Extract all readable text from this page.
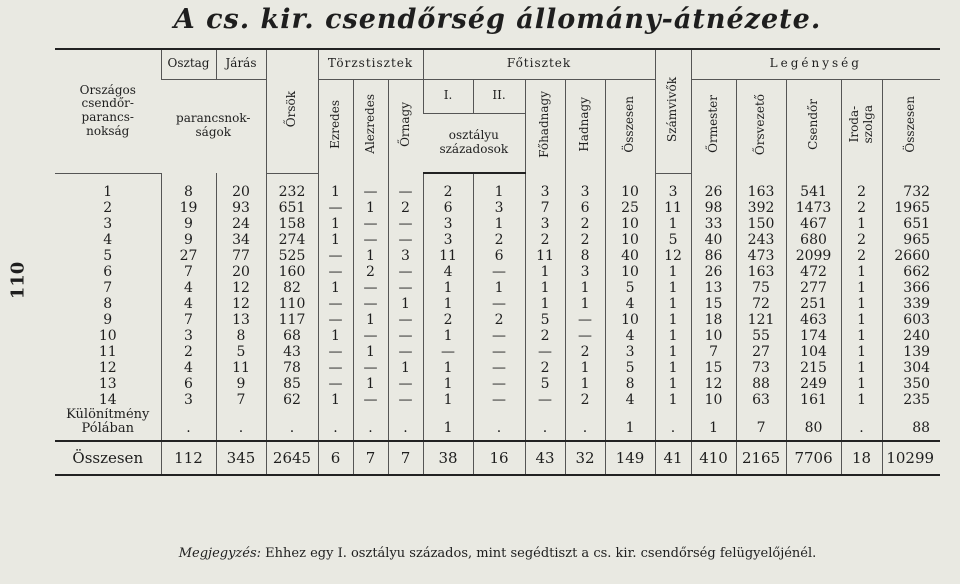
110
A cs. kir. csendőrség állomány-átnézete.
Országos
csendőr-
parancs-
nokság	Osztag	Járás	Őrsök	Törzstisztek			Főtisztek					Számvivők	Legénység				
	parancsnok-
ságok			Ezredes	Alezredes	Őrnagy	I.	II.	Főhadnagy	Hadnagy	Összesen		Őrmester	Őrsvezető	Csendőr	Iroda-
szolga	Összesen
							osztályu
századosok										
1	8	20	232	1	—	—	2	1	3	3	10	3	26	163	541	2	732
2	19	93	651	—	1	2	6	3	7	6	25	11	98	392	1473	2	1965
3	9	24	158	1	—	—	3	1	3	2	10	1	33	150	467	1	651
4	9	34	274	1	—	—	3	2	2	2	10	5	40	243	680	2	965
5	27	77	525	—	1	3	11	6	11	8	40	12	86	473	2099	2	2660
6	7	20	160	—	2	—	4	—	1	3	10	1	26	163	472	1	662
7	4	12	82	1	—	—	1	1	1	1	5	1	13	75	277	1	366
8	4	12	110	—	—	1	1	—	1	1	4	1	15	72	251	1	339
9	7	13	117	—	1	—	2	2	5	—	10	1	18	121	463	1	603
10	3	8	68	1	—	—	1	—	2	—	4	1	10	55	174	1	240
11	2	5	43	—	1	—	—	—	—	2	3	1	7	27	104	1	139
12	4	11	78	—	—	1	1	—	2	1	5	1	15	73	215	1	304
13	6	9	85	—	1	—	1	—	5	1	8	1	12	88	249	1	350
14	3	7	62	1	—	—	1	—	—	2	4	1	10	63	161	1	235
Különítmény
Pólában	.	.	.	.	.	.	1	.	.	.	1	.	1	7	80	.	88
Összesen	112	345	2645	6	7	7	38	16	43	32	149	41	410	2165	7706	18	10299
Megjegyzés: Ehhez egy I. osztályu százados, mint segédtiszt a cs. kir. csendőrség felügyelőjénél.
